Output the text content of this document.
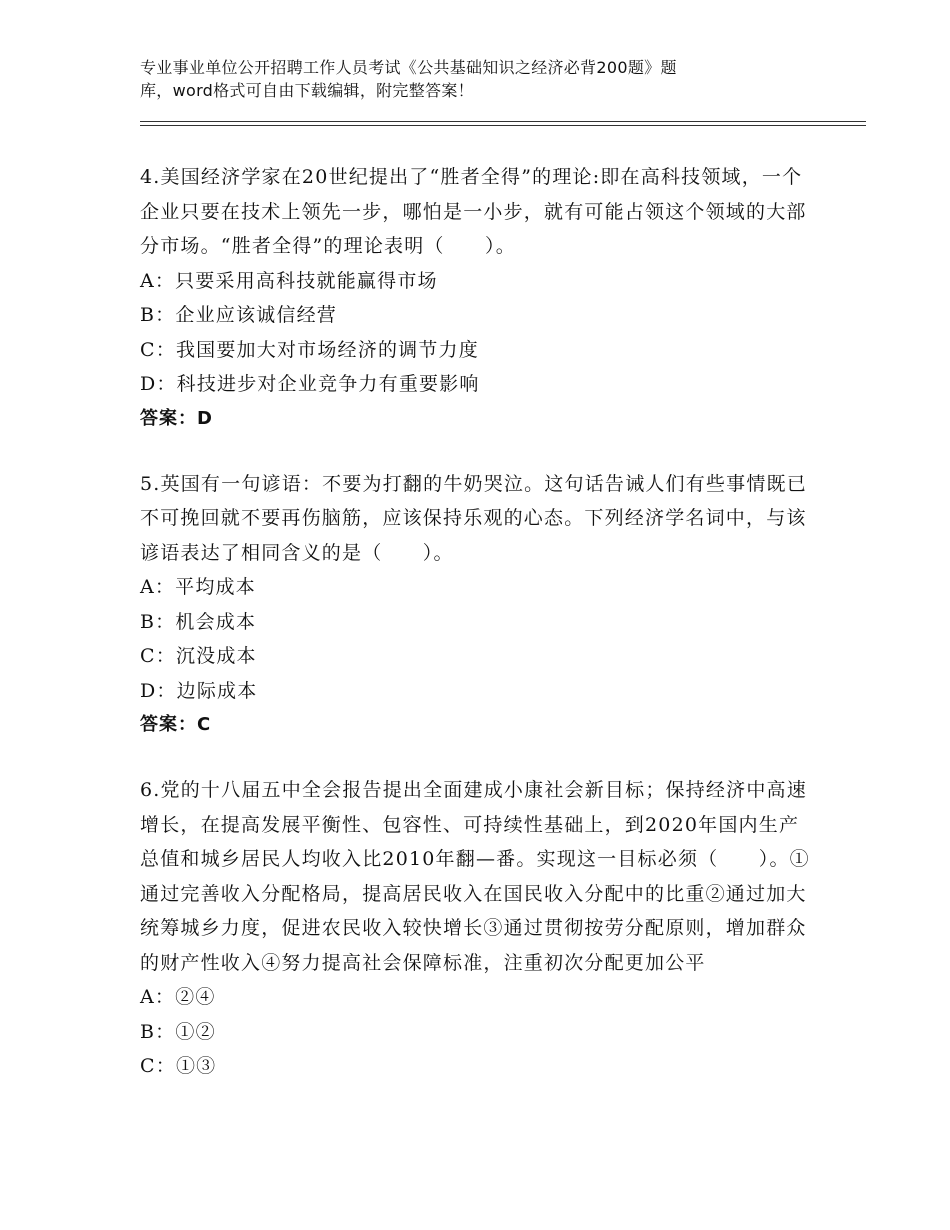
专业事业单位公开招聘工作人员考试《公共基础知识之经济必背200题》题
库，word格式可自由下载编辑，附完整答案！
4.美国经济学家在20世纪提出了“胜者全得”的理论:即在高科技领域，一个企业只要在技术上领先一步，哪怕是一小步，就有可能占领这个领域的大部分市场。“胜者全得”的理论表明（　　）。
A：只要采用高科技就能赢得市场
B：企业应该诚信经营
C：我国要加大对市场经济的调节力度
D：科技进步对企业竞争力有重要影响
答案：D
5.英国有一句谚语：不要为打翻的牛奶哭泣。这句话告诫人们有些事情既已不可挽回就不要再伤脑筋，应该保持乐观的心态。下列经济学名词中，与该谚语表达了相同含义的是（　　）。
A：平均成本
B：机会成本
C：沉没成本
D：边际成本
答案：C
6.党的十八届五中全会报告提出全面建成小康社会新目标；保持经济中高速增长，在提高发展平衡性、包容性、可持续性基础上，到2020年国内生产总值和城乡居民人均收入比2010年翻—番。实现这一目标必须（　　）。①通过完善收入分配格局，提高居民收入在国民收入分配中的比重②通过加大统筹城乡力度，促进农民收入较快增长③通过贯彻按劳分配原则，增加群众的财产性收入④努力提高社会保障标准，注重初次分配更加公平
A：②④
B：①②
C：①③
